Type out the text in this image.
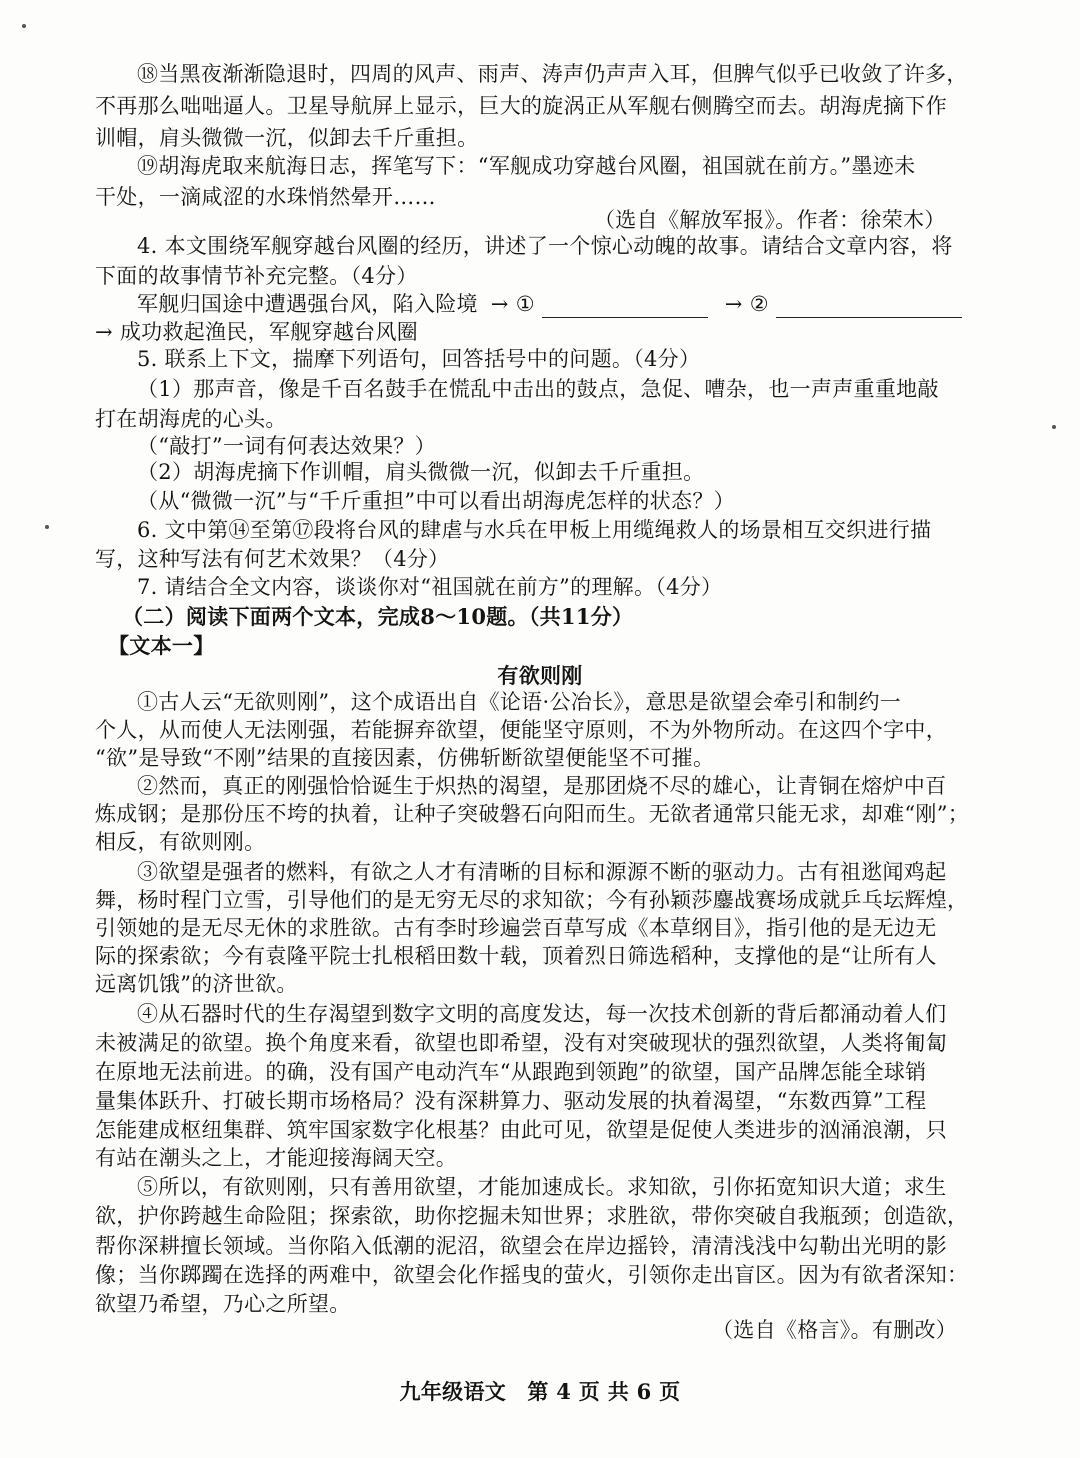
⑱当黑夜渐渐隐退时，四周的风声、雨声、涛声仍声声入耳，但脾气似乎已收敛了许多，
不再那么咄咄逼人。卫星导航屏上显示，巨大的旋涡正从军舰右侧腾空而去。胡海虎摘下作
训帽，肩头微微一沉，似卸去千斤重担。
⑲胡海虎取来航海日志，挥笔写下：“军舰成功穿越台风圈，祖国就在前方。”墨迹未
干处，一滴咸涩的水珠悄然晕开……
（选自《解放军报》。作者：徐荣木）
4. 本文围绕军舰穿越台风圈的经历，讲述了一个惊心动魄的故事。请结合文章内容，将
下面的故事情节补充完整。（4分）
军舰归国途中遭遇强台风，陷入险境 → ①	→ ②
→ 成功救起渔民，军舰穿越台风圈
5. 联系上下文，揣摩下列语句，回答括号中的问题。（4分）
（1）那声音，像是千百名鼓手在慌乱中击出的鼓点，急促、嘈杂，也一声声重重地敲
打在胡海虎的心头。
（“敲打”一词有何表达效果？）
（2）胡海虎摘下作训帽，肩头微微一沉，似卸去千斤重担。
（从“微微一沉”与“千斤重担”中可以看出胡海虎怎样的状态？）
6. 文中第⑭至第⑰段将台风的肆虐与水兵在甲板上用缆绳救人的场景相互交织进行描
写，这种写法有何艺术效果？（4分）
7. 请结合全文内容，谈谈你对“祖国就在前方”的理解。（4分）
（二）阅读下面两个文本，完成8～10题。（共11分）
【文本一】
有欲则刚
①古人云“无欲则刚”，这个成语出自《论语·公冶长》，意思是欲望会牵引和制约一
个人，从而使人无法刚强，若能摒弃欲望，便能坚守原则，不为外物所动。在这四个字中，
“欲”是导致“不刚”结果的直接因素，仿佛斩断欲望便能坚不可摧。
②然而，真正的刚强恰恰诞生于炽热的渴望，是那团烧不尽的雄心，让青铜在熔炉中百
炼成钢；是那份压不垮的执着，让种子突破磐石向阳而生。无欲者通常只能无求，却难“刚”；
相反，有欲则刚。
③欲望是强者的燃料，有欲之人才有清晰的目标和源源不断的驱动力。古有祖逖闻鸡起
舞，杨时程门立雪，引导他们的是无穷无尽的求知欲；今有孙颖莎鏖战赛场成就乒乓坛辉煌，
引领她的是无尽无休的求胜欲。古有李时珍遍尝百草写成《本草纲目》，指引他的是无边无
际的探索欲；今有袁隆平院士扎根稻田数十载，顶着烈日筛选稻种，支撑他的是“让所有人
远离饥饿”的济世欲。
④从石器时代的生存渴望到数字文明的高度发达，每一次技术创新的背后都涌动着人们
未被满足的欲望。换个角度来看，欲望也即希望，没有对突破现状的强烈欲望，人类将匍匐
在原地无法前进。的确，没有国产电动汽车“从跟跑到领跑”的欲望，国产品牌怎能全球销
量集体跃升、打破长期市场格局？没有深耕算力、驱动发展的执着渴望，“东数西算”工程
怎能建成枢纽集群、筑牢国家数字化根基？由此可见，欲望是促使人类进步的汹涌浪潮，只
有站在潮头之上，才能迎接海阔天空。
⑤所以，有欲则刚，只有善用欲望，才能加速成长。求知欲，引你拓宽知识大道；求生
欲，护你跨越生命险阻；探索欲，助你挖掘未知世界；求胜欲，带你突破自我瓶颈；创造欲，
帮你深耕擅长领域。当你陷入低潮的泥沼，欲望会在岸边摇铃，清清浅浅中勾勒出光明的影
像；当你踯躅在选择的两难中，欲望会化作摇曳的萤火，引领你走出盲区。因为有欲者深知：
欲望乃希望，乃心之所望。
（选自《格言》。有删改）
九年级语文　第 4 页 共 6 页
